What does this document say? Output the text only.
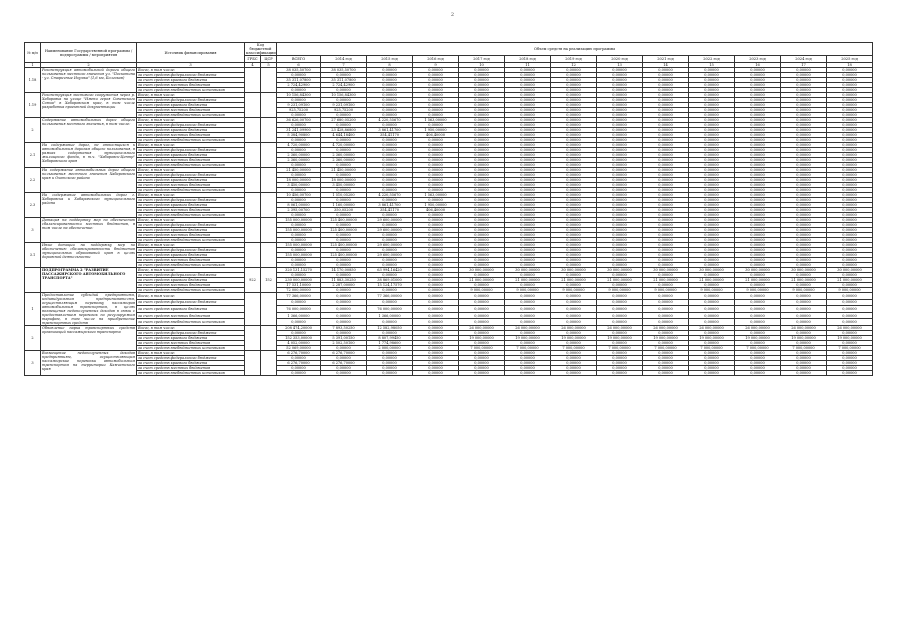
2
№ п/п	Наименование Государственной программы / подпрограммы / мероприятия	Источник финансирования	Код бюджетной классификации		Объем средств на реализацию программы												
			ГРБС	ЦСР	ВСЕГО	2014 год	2015 год	2016 год	2017 год	2018 год	2019 год	2020 год	2021 год	2022 год	2023 год	2024 год	2025 год

1	2	3	4	5	6	7	8	9	10	11	12	13	14	15	16	17	18
1.18	Реконструкция автомобильной дороги общего пользования местного значения ул. "Поскотина - ул. Старичные Изумка" (1,6 км, Болгоков)	Всего, в том числе:			38 035,50700	38 035,50700	0,00000	0,00000	0,00000	0,00000	0,00000	0,00000	0,00000	0,00000	0,00000	0,00000	0,00000
		за счет средств федерального бюджета			0,00000	0,00000	0,00000	0,00000	0,00000	0,00000	0,00000	0,00000	0,00000	0,00000	0,00000	0,00000	0,00000
		за счет средств краевого бюджета			35 311,07800	35 311,07800	0,00000	0,00000	0,00000	0,00000	0,00000	0,00000	0,00000	0,00000	0,00000	0,00000	0,00000
		за счет средств местных бюджетов			2 724,42900	2 724,42900	0,00000	0,00000	0,00000	0,00000	0,00000	0,00000	0,00000	0,00000	0,00000	0,00000	0,00000
		за счет средств внебюджетных источников			0,00000	0,00000	0,00000	0,00000	0,00000	0,00000	0,00000	0,00000	0,00000	0,00000	0,00000	0,00000	0,00000
1.19	Реконструкция мостового сооружения через р. Хабаровка на улице "Имени героя Советского Союза" в Хабаровском крае, в том числе разработка проектной документации	Всего, в том числе:			10 156,84300	10 156,84300	0,00000	0,00000	0,00000	0,00000	0,00000	0,00000	0,00000	0,00000	0,00000	0,00000	0,00000
		за счет средств федерального бюджета			0,00000	0,00000	0,00000	0,00000	0,00000	0,00000	0,00000	0,00000	0,00000	0,00000	0,00000	0,00000	0,00000
		за счет средств краевого бюджета			9 231,09100	9 231,09100	0,00000	0,00000	0,00000	0,00000	0,00000	0,00000	0,00000	0,00000	0,00000	0,00000	0,00000
		за счет средств местных бюджетов			925,75200	925,75200	0,00000	0,00000	0,00000	0,00000	0,00000	0,00000	0,00000	0,00000	0,00000	0,00000	0,00000
		за счет средств внебюджетных источников			0,00000	0,00000	0,00000	0,00000	0,00000	0,00000	0,00000	0,00000	0,00000	0,00000	0,00000	0,00000	0,00000
2	Содержание автомобильных дорог общего пользования местного значения, в том числе:	Всего, в том числе:			36 626,00700	27 680,05200	4 220,55670	1 563,00000	0,00000	0,00000	0,00000	0,00000	0,00000	0,00000	0,00000	0,00000	0,00000
		за счет средств федерального бюджета			0,00000	0,00000	0,00000	0,00000	0,00000	0,00000	0,00000	0,00000	0,00000	0,00000	0,00000	0,00000	0,00000
		за счет средств краевого бюджета			31 241,09900	23 428,86800	3 861,41700	1 950,00000	0,00000	0,00000	0,00000	0,00000	0,00000	0,00000	0,00000	0,00000	0,00000
		за счет средств местных бюджетов			5 384,90800	4 644,18400	354,41170	406,40000	0,00000	0,00000	0,00000	0,00000	0,00000	0,00000	0,00000	0,00000	0,00000
		за счет средств внебюджетных источников			0,00000	0,00000	0,00000	0,00000	0,00000	0,00000	0,00000	0,00000	0,00000	0,00000	0,00000	0,00000	0,00000
2.1	На содержание дорог, не относящихся к автомобильным дорогам общего пользования, в рамках содержания муниципального жилищного фонда, в т.ч. "Хабаровск-Центр" Хабаровского края	Всего, в том числе:			4 720,00000	4 720,00000	0,00000	0,00000	0,00000	0,00000	0,00000	0,00000	0,00000	0,00000	0,00000	0,00000	0,00000
		за счет средств федерального бюджета			0,00000	0,00000	0,00000	0,00000	0,00000	0,00000	0,00000	0,00000	0,00000	0,00000	0,00000	0,00000	0,00000
		за счет средств краевого бюджета			2 360,00000	2 360,00000	0,00000	0,00000	0,00000	0,00000	0,00000	0,00000	0,00000	0,00000	0,00000	0,00000	0,00000
		за счет средств местных бюджетов			2 360,00000	2 360,00000	0,00000	0,00000	0,00000	0,00000	0,00000	0,00000	0,00000	0,00000	0,00000	0,00000	0,00000
		за счет средств внебюджетных источников			0,00000	0,00000	0,00000	0,00000	0,00000	0,00000	0,00000	0,00000	0,00000	0,00000	0,00000	0,00000	0,00000
2.2	На содержание автомобильных дорог общего пользования местного значения Хабаровского края и Охотского района	Всего, в том числе:			21 450,00000	21 450,00000	0,00000	0,00000	0,00000	0,00000	0,00000	0,00000	0,00000	0,00000	0,00000	0,00000	0,00000
		за счет средств федерального бюджета			0,00000	0,00000	0,00000	0,00000	0,00000	0,00000	0,00000	0,00000	0,00000	0,00000	0,00000	0,00000	0,00000
		за счет средств краевого бюджета			18 000,00000	18 000,00000	0,00000	0,00000	0,00000	0,00000	0,00000	0,00000	0,00000	0,00000	0,00000	0,00000	0,00000
		за счет средств местных бюджетов			3 450,00000	3 450,00000	0,00000	0,00000	0,00000	0,00000	0,00000	0,00000	0,00000	0,00000	0,00000	0,00000	0,00000
		за счет средств внебюджетных источников			0,00000	0,00000	0,00000	0,00000	0,00000	0,00000	0,00000	0,00000	0,00000	0,00000	0,00000	0,00000	0,00000
2.3	На содержание автомобильных дорог г. Хабаровска и Хабаровского муниципального района	Всего, в том числе:			10 456,00700	1 510,05200	4 220,55670	1 563,00000	0,00000	0,00000	0,00000	0,00000	0,00000	0,00000	0,00000	0,00000	0,00000
		за счет средств федерального бюджета			0,00000	0,00000	0,00000	0,00000	0,00000	0,00000	0,00000	0,00000	0,00000	0,00000	0,00000	0,00000	0,00000
		за счет средств краевого бюджета			8 061,00000	1 160,00000	3 861,41700	1 950,00000	0,00000	0,00000	0,00000	0,00000	0,00000	0,00000	0,00000	0,00000	0,00000
		за счет средств местных бюджетов			2 395,00700	350,05200	354,41170	406,40000	0,00000	0,00000	0,00000	0,00000	0,00000	0,00000	0,00000	0,00000	0,00000
		за счет средств внебюджетных источников			0,00000	0,00000	0,00000	0,00000	0,00000	0,00000	0,00000	0,00000	0,00000	0,00000	0,00000	0,00000	0,00000
3	Дотация на поддержку мер по обеспечению сбалансированности местных бюджетов, в том числе на обеспечение:	Всего, в том числе:			155 000,00000	125 400,00000	29 600,00000	0,00000	0,00000	0,00000	0,00000	0,00000	0,00000	0,00000	0,00000	0,00000	0,00000
		за счет средств федерального бюджета			0,00000	0,00000	0,00000	0,00000	0,00000	0,00000	0,00000	0,00000	0,00000	0,00000	0,00000	0,00000	0,00000
		за счет средств краевого бюджета			155 000,00000	125 400,00000	29 600,00000	0,00000	0,00000	0,00000	0,00000	0,00000	0,00000	0,00000	0,00000	0,00000	0,00000
		за счет средств местных бюджетов			0,00000	0,00000	0,00000	0,00000	0,00000	0,00000	0,00000	0,00000	0,00000	0,00000	0,00000	0,00000	0,00000
		за счет средств внебюджетных источников			0,00000	0,00000	0,00000	0,00000	0,00000	0,00000	0,00000	0,00000	0,00000	0,00000	0,00000	0,00000	0,00000
3.1	Иные дотации на поддержку мер по обеспечению сбалансированности бюджетов муниципальных образований края в целях дорожной деятельности	Всего, в том числе:			155 000,00000	125 400,00000	29 600,00000	0,00000	0,00000	0,00000	0,00000	0,00000	0,00000	0,00000	0,00000	0,00000	0,00000
		за счет средств федерального бюджета			0,00000	0,00000	0,00000	0,00000	0,00000	0,00000	0,00000	0,00000	0,00000	0,00000	0,00000	0,00000	0,00000
		за счет средств краевого бюджета			155 000,00000	125 400,00000	29 600,00000	0,00000	0,00000	0,00000	0,00000	0,00000	0,00000	0,00000	0,00000	0,00000	0,00000
		за счет средств местных бюджетов			0,00000	0,00000	0,00000	0,00000	0,00000	0,00000	0,00000	0,00000	0,00000	0,00000	0,00000	0,00000	0,00000
		за счет средств внебюджетных источников			0,00000	0,00000	0,00000	0,00000	0,00000	0,00000	0,00000	0,00000	0,00000	0,00000	0,00000	0,00000	0,00000
	ПОДПРОГРАММА 2 "РАЗВИТИЕ ПАССАЖИРСКОГО АВТОМОБИЛЬНОГО ТРАНСПОРТА"	Всего, в том числе:	922	152	320 131,15270	14 170,00850	63 994,16420	0,00000	30 000,00000	30 000,00000	30 000,00000	30 000,00000	30 000,00000	30 000,00000	30 000,00000	30 000,00000	30 000,00000
		за счет средств федерального бюджета			0,00000	0,00000	0,00000	0,00000	0,00000	0,00000	0,00000	0,00000	0,00000	0,00000	0,00000	0,00000	0,00000
		за счет средств краевого бюджета			230 000,00000	11 883,30250	38 869,01000	0,00000	21 000,00000	21 000,00000	21 000,00000	21 000,00000	21 000,00000	21 000,00000	21 000,00000	21 000,00000	21 000,00000
		за счет средств местных бюджетов			17 531,10000	2 287,00000	15 124,17570	0,00000	0,00000	0,00000	0,00000	0,00000	0,00000	0,00000	0,00000	0,00000	0,00000
		за счет средств внебюджетных источников			72 000,00000	0,00000	0,00000	0,00000	9 000,00000	9 000,00000	9 000,00000	9 000,00000	9 000,00000	9 000,00000	9 000,00000	9 000,00000	9 000,00000
1	Предоставление субсидий предприятиям, индивидуальным предпринимателям, осуществляющим перевозку пассажиров автомобильным транспортом, в целях возмещения недополученных доходов в связи с предоставлением перевозок по регулируемым тарифам, в том числе на приобретение транспортных средств	Всего, в том числе:			77 366,00000	0,00000	77 366,00000	0,00000	0,00000	0,00000	0,00000	0,00000	0,00000	0,00000	0,00000	0,00000	0,00000
		за счет средств федерального бюджета			0,00000	0,00000	0,00000	0,00000	0,00000	0,00000	0,00000	0,00000	0,00000	0,00000	0,00000	0,00000	0,00000
		за счет средств краевого бюджета			76 000,00000	0,00000	76 000,00000	0,00000	0,00000	0,00000	0,00000	0,00000	0,00000	0,00000	0,00000	0,00000	0,00000
		за счет средств местных бюджетов			1 366,00000	0,00000	1 366,00000	0,00000	0,00000	0,00000	0,00000	0,00000	0,00000	0,00000	0,00000	0,00000	0,00000
		за счет средств внебюджетных источников			0,00000	0,00000	0,00000	0,00000	0,00000	0,00000	0,00000	0,00000	0,00000	0,00000	0,00000	0,00000	0,00000
2	Обновление парка транспортных средств организаций пассажирского транспорта	Всего, в том числе:			208 474,20000	7 893,50250	12 582,98050	0,00000	26 000,00000	26 000,00000	26 000,00000	26 000,00000	26 000,00000	26 000,00000	26 000,00000	26 000,00000	26 000,00000
		за счет средств федерального бюджета			0,00000	0,00000	0,00000	0,00000	0,00000	0,00000	0,00000	0,00000	0,00000	0,00000	0,00000	0,00000	0,00000
		за счет средств краевого бюджета			152 353,00000	5 391,00150	8 807,99450	0,00000	19 000,00000	19 000,00000	19 000,00000	19 000,00000	19 000,00000	19 000,00000	19 000,00000	19 000,00000	19 000,00000
		за счет средств местных бюджетов			4 052,00000	2 502,50100	1 774,98600	0,00000	0,00000	0,00000	0,00000	0,00000	0,00000	0,00000	0,00000	0,00000	0,00000
		за счет средств внебюджетных источников			52 069,00000	0,00000	2 000,00000	0,00000	7 000,00000	7 000,00000	7 000,00000	7 000,00000	7 000,00000	7 000,00000	7 000,00000	7 000,00000	7 000,00000
3	Возмещение недополученных доходов предприятиям, осуществляющим пассажирские перевозки автомобильным транспортом на территории Камчатского края	Всего, в том числе:			6 276,70000	6 276,70000	0,00000	0,00000	0,00000	0,00000	0,00000	0,00000	0,00000	0,00000	0,00000	0,00000	0,00000
		за счет средств федерального бюджета			0,00000	0,00000	0,00000	0,00000	0,00000	0,00000	0,00000	0,00000	0,00000	0,00000	0,00000	0,00000	0,00000
		за счет средств краевого бюджета			6 276,70000	6 276,70000	0,00000	0,00000	0,00000	0,00000	0,00000	0,00000	0,00000	0,00000	0,00000	0,00000	0,00000
		за счет средств местных бюджетов			0,00000	0,00000	0,00000	0,00000	0,00000	0,00000	0,00000	0,00000	0,00000	0,00000	0,00000	0,00000	0,00000
		за счет средств внебюджетных источников			0,00000	0,00000	0,00000	0,00000	0,00000	0,00000	0,00000	0,00000	0,00000	0,00000	0,00000	0,00000	0,00000
